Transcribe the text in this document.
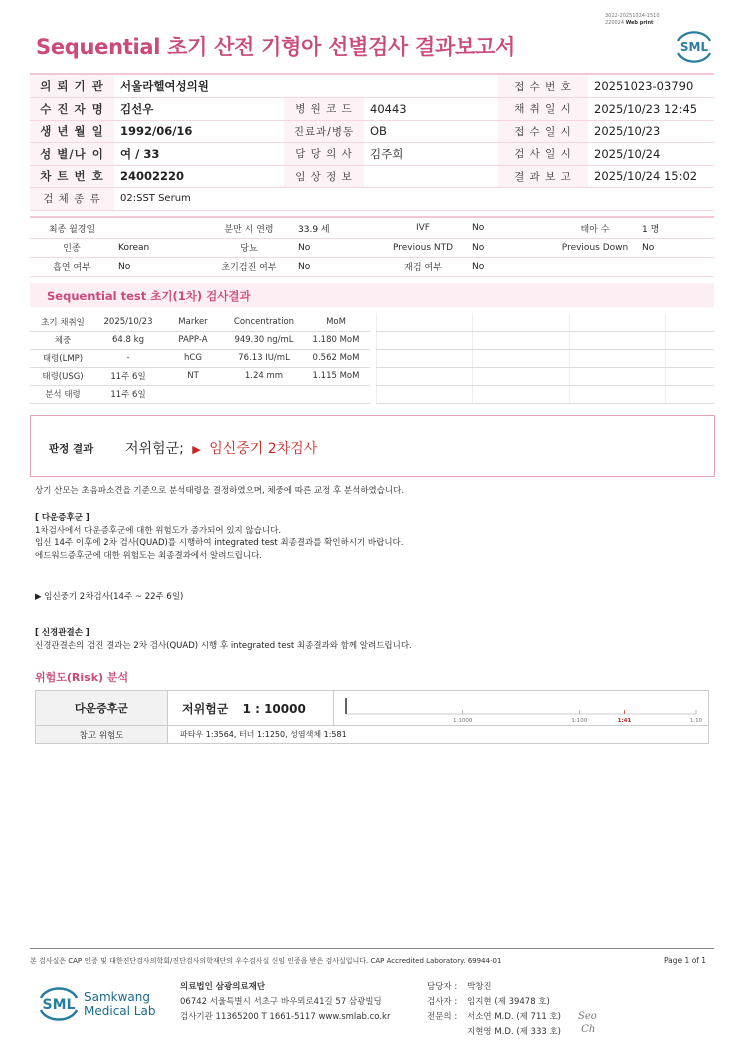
3022-20251024-1510
220024 Web print
Sequential 초기 산전 기형아 선별검사 결과보고서	SML
의 뢰 기 관	서울라헬여성의원			접 수 번 호	20251023-03790
수 진 자 명	김선우	병 원 코 드	40443	채 취 일 시	2025/10/23 12:45
생 년 월 일	1992/06/16	진료과/병동	OB	접 수 일 시	2025/10/23
성 별/나 이	여 / 33	담 당 의 사	김주희	검 사 일 시	2025/10/24
차 트 번 호	24002220	임 상 정 보		결 과 보 고	2025/10/24 15:02
검 체 종 류	02:SST Serum				
최종 월경일		분만 시 연령	33.9 세	IVF	No	태아 수	1 명
인종	Korean	당뇨	No	Previous NTD	No	Previous Down	No
흡연 여부	No	초기검진 여부	No	재검 여부	No		
Sequential test 초기(1차) 검사결과
초기 채취일	2025/10/23	Marker	Concentration	MoM
체중	64.8 kg	PAPP-A	949.30 ng/mL	1.180 MoM
태령(LMP)	-	hCG	76.13 IU/mL	0.562 MoM
태령(USG)	11주 6일	NT	1.24 mm	1.115 MoM
분석 태령	11주 6일			

판정 결과 저위험군; ▶ 임신중기 2차검사
상기 산모는 초음파소견을 기준으로 분석태령을 결정하였으며, 체중에 따른 교정 후 분석하였습니다.
[ 다운증후군 ]
1차검사에서 다운증후군에 대한 위험도가 증가되어 있지 않습니다.
임신 14주 이후에 2차 검사(QUAD)를 시행하여 integrated test 최종결과를 확인하시기 바랍니다.
에드워드증후군에 대한 위험도는 최종결과에서 알려드립니다.
▶ 임신중기 2차검사(14주 ~ 22주 6일)
[ 신경관결손 ]
신경관결손의 검진 결과는 2차 검사(QUAD) 시행 후 integrated test 최종결과와 함께 알려드립니다.
위험도(Risk) 분석
다운증후군	저위험군 1 : 10000	1:1000 1:100 1:41 1:10

참고 위험도	파타우 1:3564, 터너 1:1250, 성염색체 1:581	
본 검사실은 CAP 인증 및 대한진단검사의학회/진단검사의학재단의 우수검사실 신임 인증을 받은 검사실입니다. CAP Accredited Laboratory. 69944-01	Page 1 of 1
SML Samkwang
Medical Lab
의료법인 삼광의료재단
06742 서울특별시 서초구 바우뫼로41길 57 삼광빌딩
검사기관 11365200 T 1661-5117 www.smlab.co.kr
담당자 : 박창진
검사자 : 임지현 (제 39478 호)
전문의 : 서소연 M.D. (제 711 호)
지현영 M.D. (제 333 호)
Seo
Ch
